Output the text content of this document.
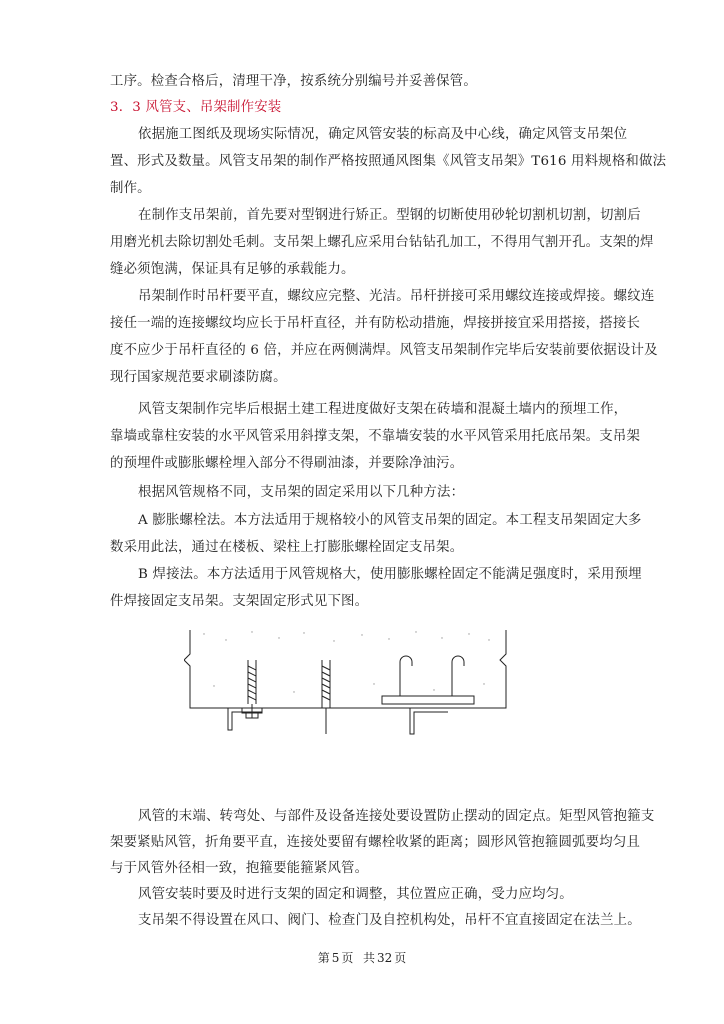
工序。检查合格后，清理干净，按系统分别编号并妥善保管。
3．3 风管支、吊架制作安装
依据施工图纸及现场实际情况，确定风管安装的标高及中心线，确定风管支吊架位
置、形式及数量。风管支吊架的制作严格按照通风图集《风管支吊架》T616 用料规格和做法
制作。
在制作支吊架前，首先要对型钢进行矫正。型钢的切断使用砂轮切割机切割，切割后
用磨光机去除切割处毛刺。支吊架上螺孔应采用台钻钻孔加工，不得用气割开孔。支架的焊
缝必须饱满，保证具有足够的承载能力。
吊架制作时吊杆要平直，螺纹应完整、光洁。吊杆拼接可采用螺纹连接或焊接。螺纹连
接任一端的连接螺纹均应长于吊杆直径，并有防松动措施，焊接拼接宜采用搭接，搭接长
度不应少于吊杆直径的 6 倍，并应在两侧满焊。风管支吊架制作完毕后安装前要依据设计及
现行国家规范要求刷漆防腐。
风管支架制作完毕后根据土建工程进度做好支架在砖墙和混凝土墙内的预埋工作，
靠墙或靠柱安装的水平风管采用斜撑支架，不靠墙安装的水平风管采用托底吊架。支吊架
的预埋件或膨胀螺栓埋入部分不得刷油漆，并要除净油污。
根据风管规格不同，支吊架的固定采用以下几种方法：
A 膨胀螺栓法。本方法适用于规格较小的风管支吊架的固定。本工程支吊架固定大多
数采用此法，通过在楼板、梁柱上打膨胀螺栓固定支吊架。
B 焊接法。本方法适用于风管规格大，使用膨胀螺栓固定不能满足强度时，采用预埋
件焊接固定支吊架。支架固定形式见下图。
风管的末端、转弯处、与部件及设备连接处要设置防止摆动的固定点。矩型风管抱箍支
架要紧贴风管，折角要平直，连接处要留有螺栓收紧的距离；圆形风管抱箍圆弧要均匀且
与于风管外径相一致，抱箍要能箍紧风管。
风管安装时要及时进行支架的固定和调整，其位置应正确，受力应均匀。
支吊架不得设置在风口、阀门、检查门及自控机构处，吊杆不宜直接固定在法兰上。
第 5 页 共 32 页
